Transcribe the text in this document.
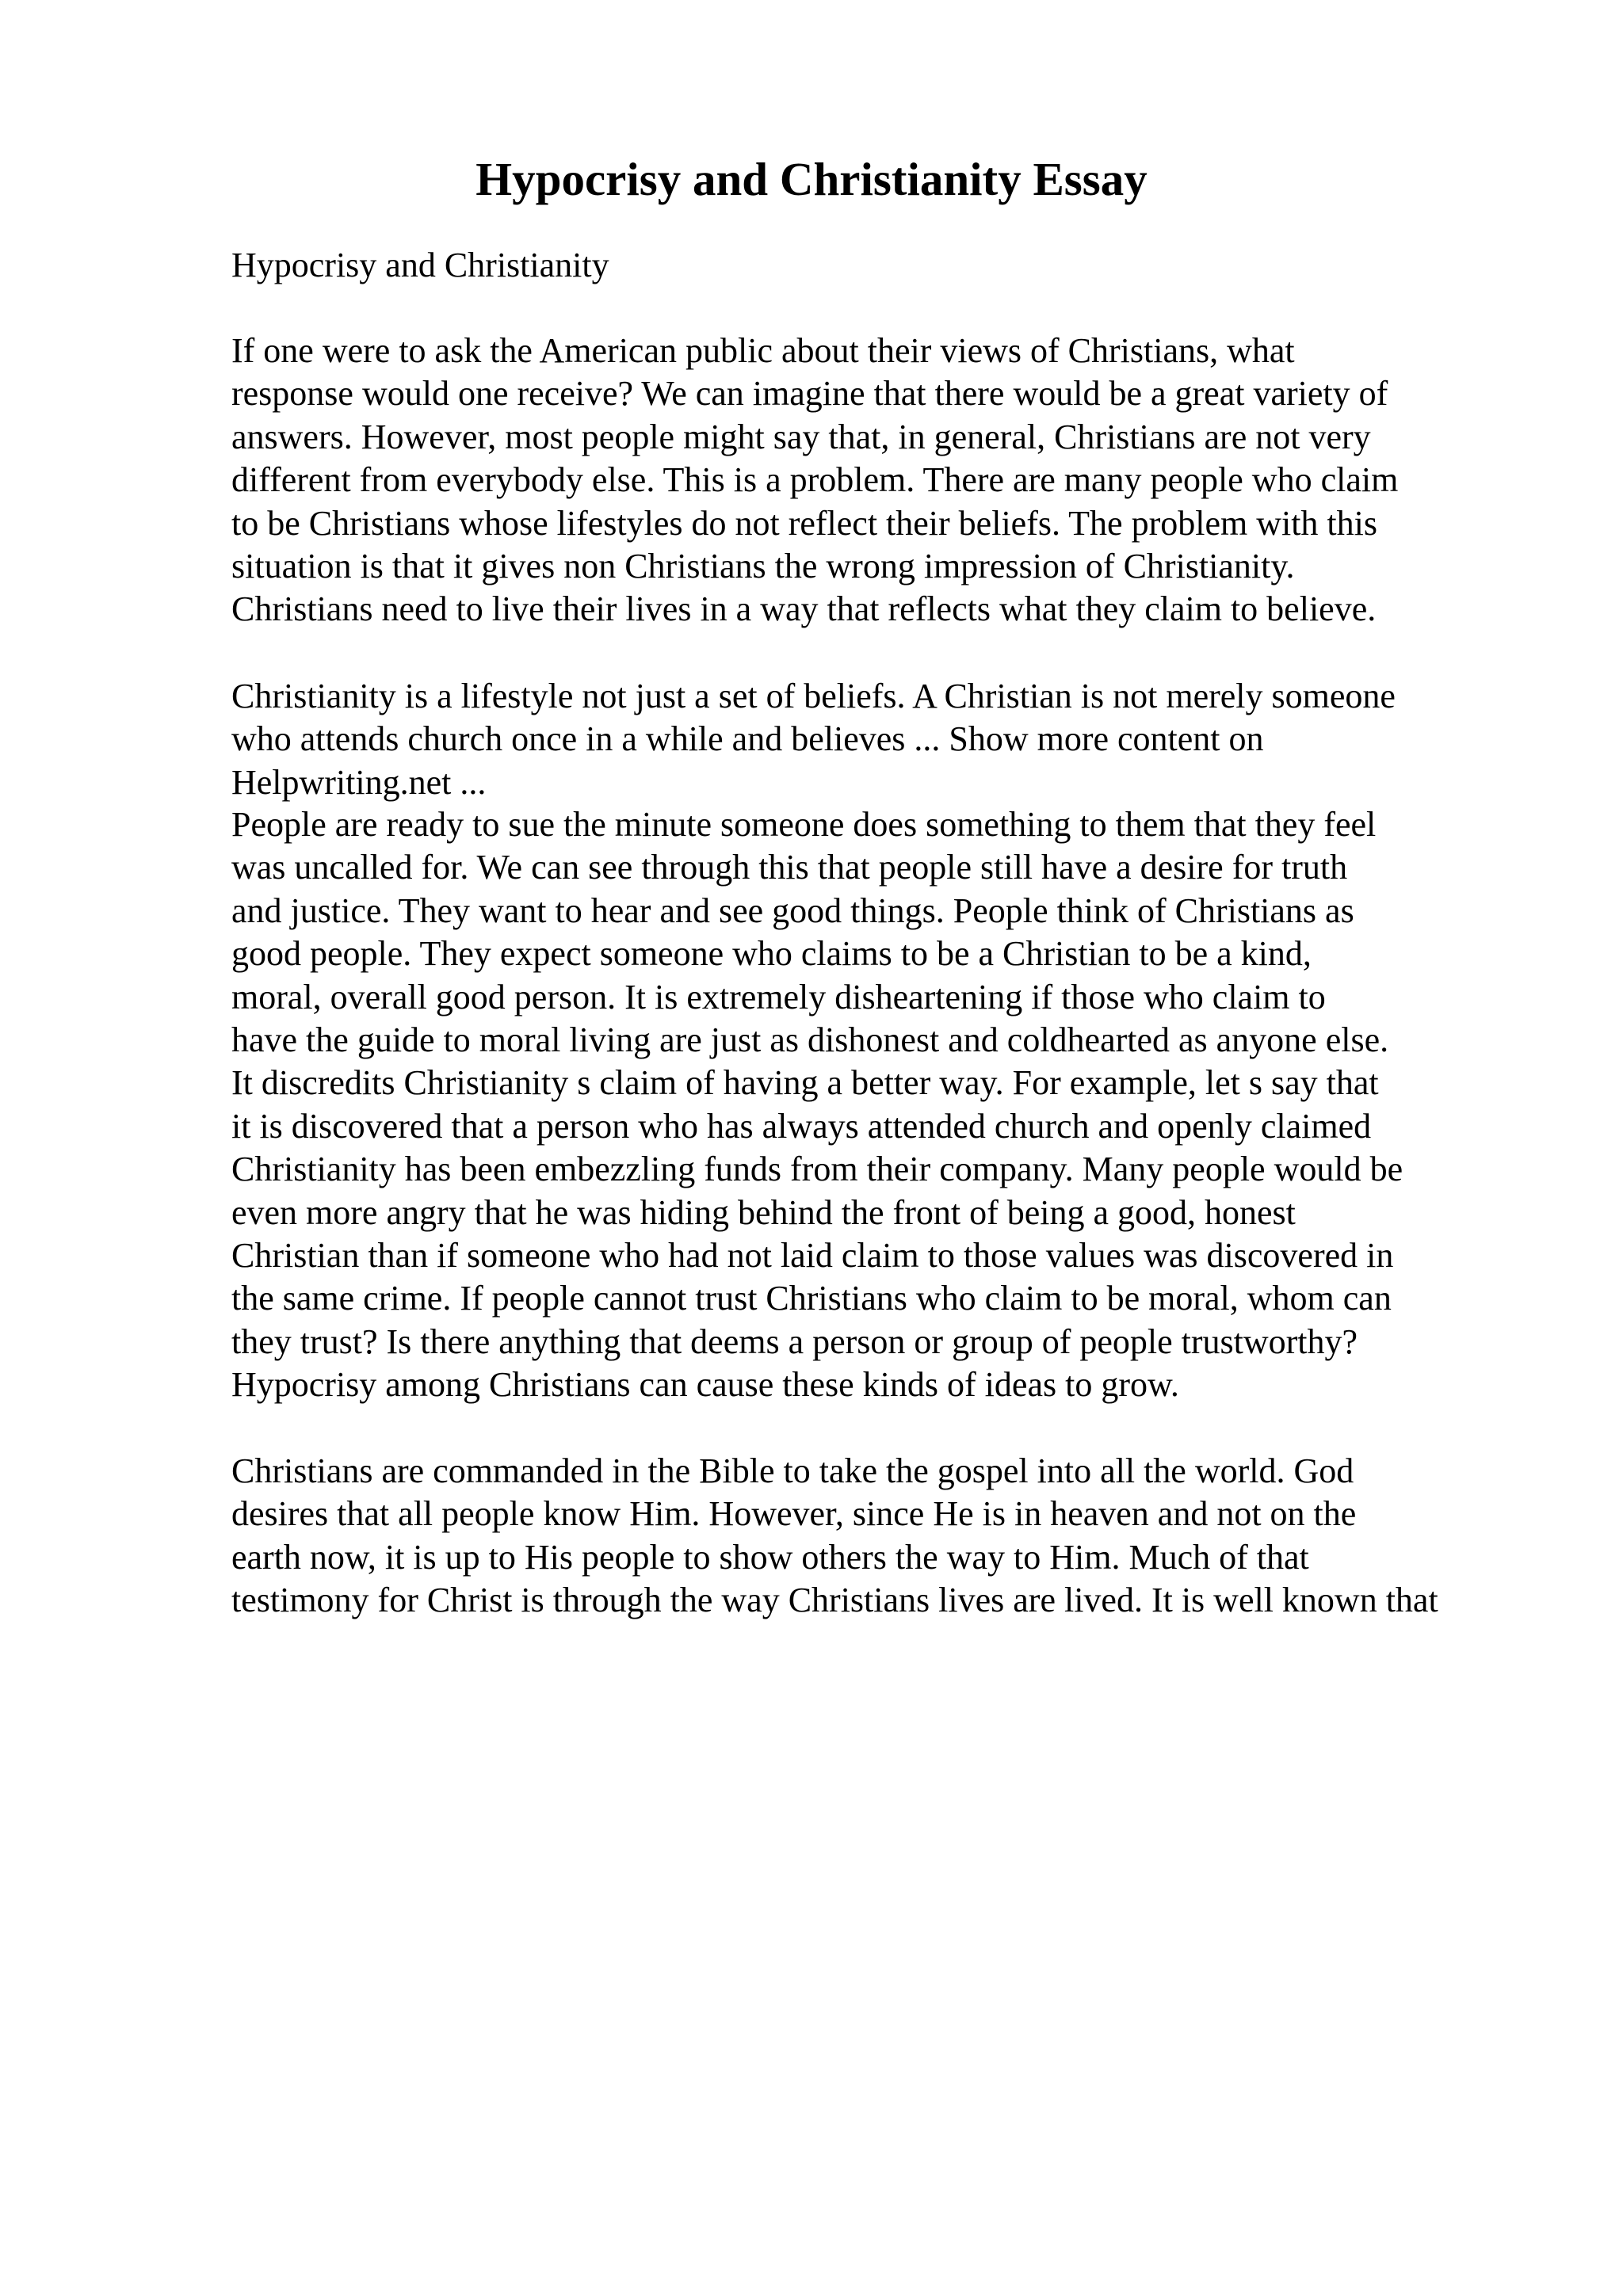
Hypocrisy and Christianity Essay

Hypocrisy and Christianity

If one were to ask the American public about their views of Christians, what
response would one receive? We can imagine that there would be a great variety of
answers. However, most people might say that, in general, Christians are not very
different from everybody else. This is a problem. There are many people who claim
to be Christians whose lifestyles do not reflect their beliefs. The problem with this
situation is that it gives non Christians the wrong impression of Christianity.
Christians need to live their lives in a way that reflects what they claim to believe.
Christianity is a lifestyle not just a set of beliefs. A Christian is not merely someone
who attends church once in a while and believes ... Show more content on
Helpwriting.net ...
People are ready to sue the minute someone does something to them that they feel
was uncalled for. We can see through this that people still have a desire for truth
and justice. They want to hear and see good things. People think of Christians as
good people. They expect someone who claims to be a Christian to be a kind,
moral, overall good person. It is extremely disheartening if those who claim to
have the guide to moral living are just as dishonest and coldhearted as anyone else.
It discredits Christianity s claim of having a better way. For example, let s say that
it is discovered that a person who has always attended church and openly claimed
Christianity has been embezzling funds from their company. Many people would be
even more angry that he was hiding behind the front of being a good, honest
Christian than if someone who had not laid claim to those values was discovered in
the same crime. If people cannot trust Christians who claim to be moral, whom can
they trust? Is there anything that deems a person or group of people trustworthy?
Hypocrisy among Christians can cause these kinds of ideas to grow.
Christians are commanded in the Bible to take the gospel into all the world. God
desires that all people know Him. However, since He is in heaven and not on the
earth now, it is up to His people to show others the way to Him. Much of that
testimony for Christ is through the way Christians lives are lived. It is well known that
